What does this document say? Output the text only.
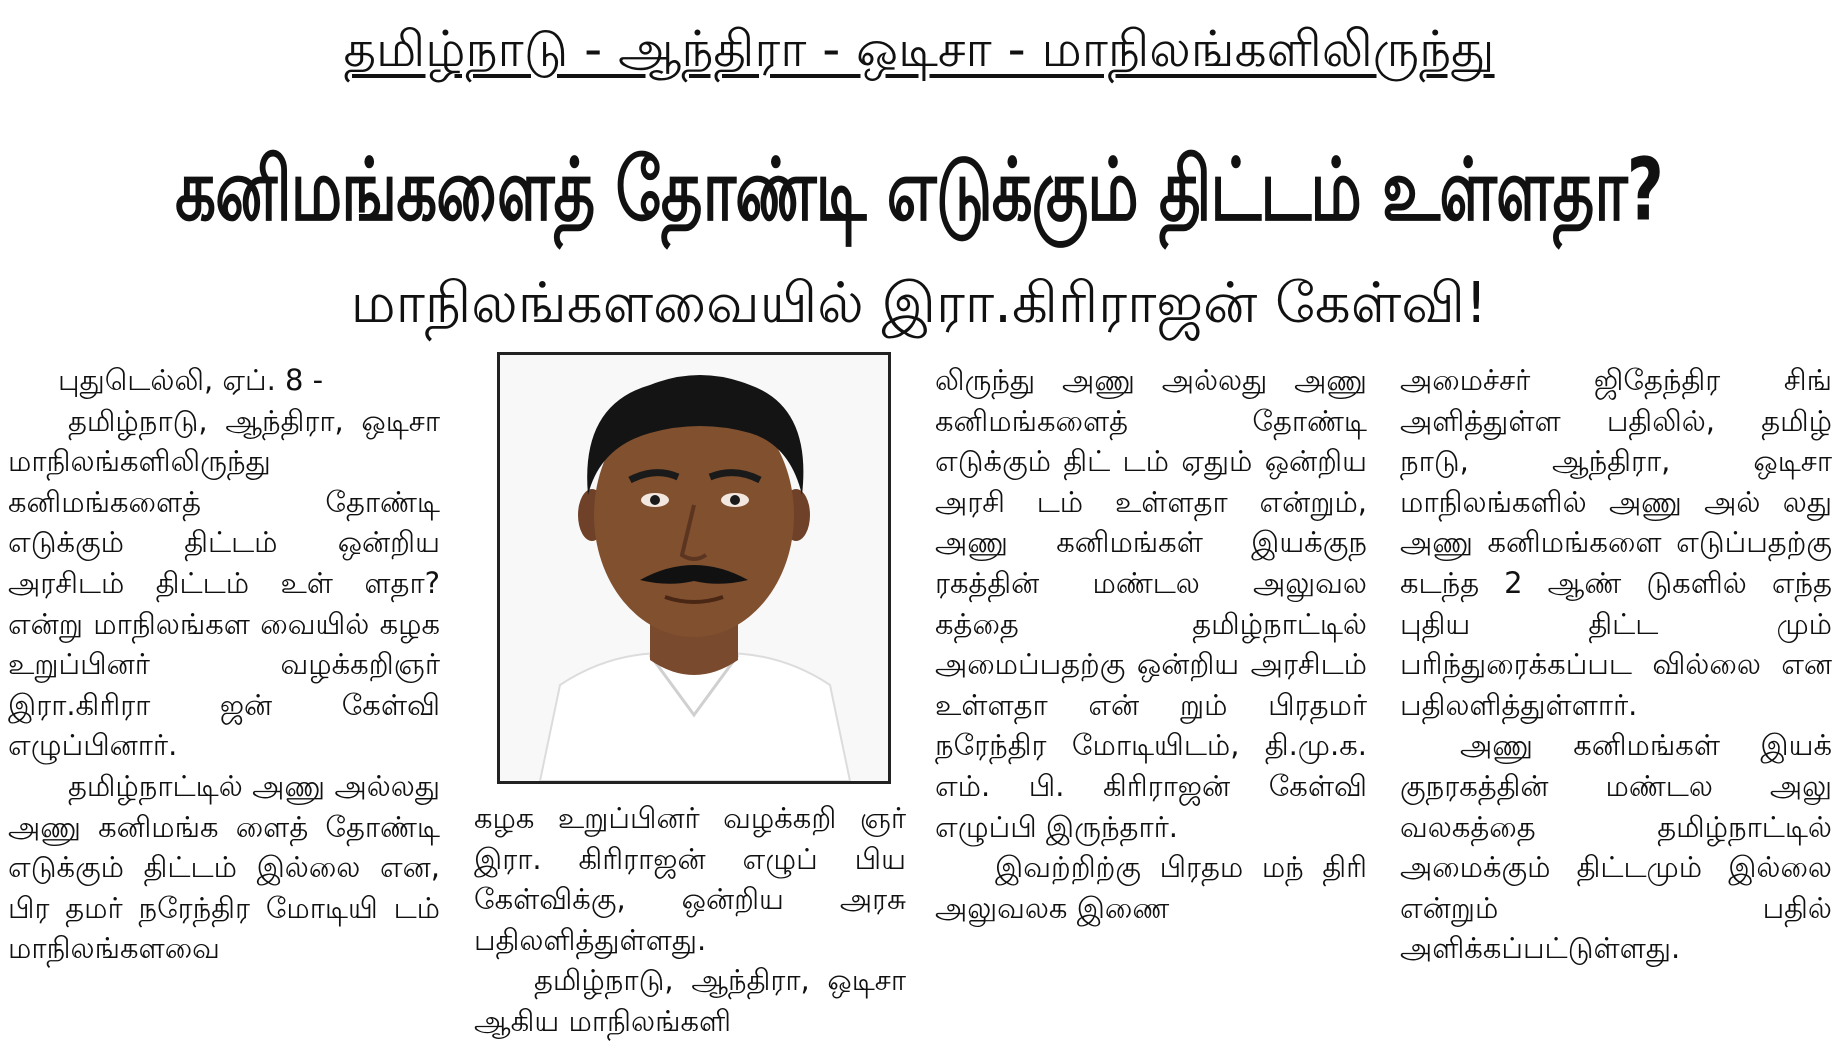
தமிழ்நாடு - ஆந்திரா - ஒடிசா - மாநிலங்களிலிருந்து
கனிமங்களைத் தோண்டி எடுக்கும் திட்டம் உள்ளதா?
மாநிலங்களவையில் இரா.கிரிராஜன் கேள்வி!

புதுடெல்லி, ஏப். 8 -

தமிழ்நாடு, ஆந்திரா, ஒடிசா மாநிலங்களிலிருந்து கனிமங்களைத் தோண்டி எடுக்கும் திட்டம் ஒன்றிய அரசிடம் திட்டம் உள் ளதா? என்று மாநிலங்கள வையில் கழக உறுப்பினர் வழக்கறிஞர் இரா.கிரிரா ஜன் கேள்வி எழுப்பினார்.

தமிழ்நாட்டில் அணு அல்லது அணு கனிமங்க ளைத் தோண்டி எடுக்கும் திட்டம் இல்லை என, பிர தமர் நரேந்திர மோடியி டம் மாநிலங்களவை

கழக உறுப்பினர் வழக்கறி ஞர் இரா. கிரிராஜன் எழுப் பிய கேள்விக்கு, ஒன்றிய அரசு பதிலளித்துள்ளது.

தமிழ்நாடு, ஆந்திரா, ஒடிசா ஆகிய மாநிலங்களி

லிருந்து அணு அல்லது அணு கனிமங்களைத் தோண்டி எடுக்கும் திட் டம் ஏதும் ஒன்றிய அரசி டம் உள்ளதா என்றும், அணு கனிமங்கள் இயக்குந ரகத்தின் மண்டல அலுவல கத்தை தமிழ்நாட்டில் அமைப்பதற்கு ஒன்றிய அரசிடம் உள்ளதா என் றும் பிரதமர் நரேந்திர மோடியிடம், தி.மு.க. எம். பி. கிரிராஜன் கேள்வி எழுப்பி இருந்தார்.

இவற்றிற்கு பிரதம மந் திரி அலுவலக இணை

அமைச்சர் ஜிதேந்திர சிங் அளித்துள்ள பதிலில், தமிழ் நாடு, ஆந்திரா, ஒடிசா மாநிலங்களில் அணு அல் லது அணு கனிமங்களை எடுப்பதற்கு கடந்த 2 ஆண் டுகளில் எந்த புதிய திட்ட மும் பரிந்துரைக்கப்பட வில்லை என பதிலளித்துள்ளார்.

அணு கனிமங்கள் இயக் குநரகத்தின் மண்டல அலு வலகத்தை தமிழ்நாட்டில் அமைக்கும் திட்டமும் இல்லை என்றும் பதில் அளிக்கப்பட்டுள்ளது.
